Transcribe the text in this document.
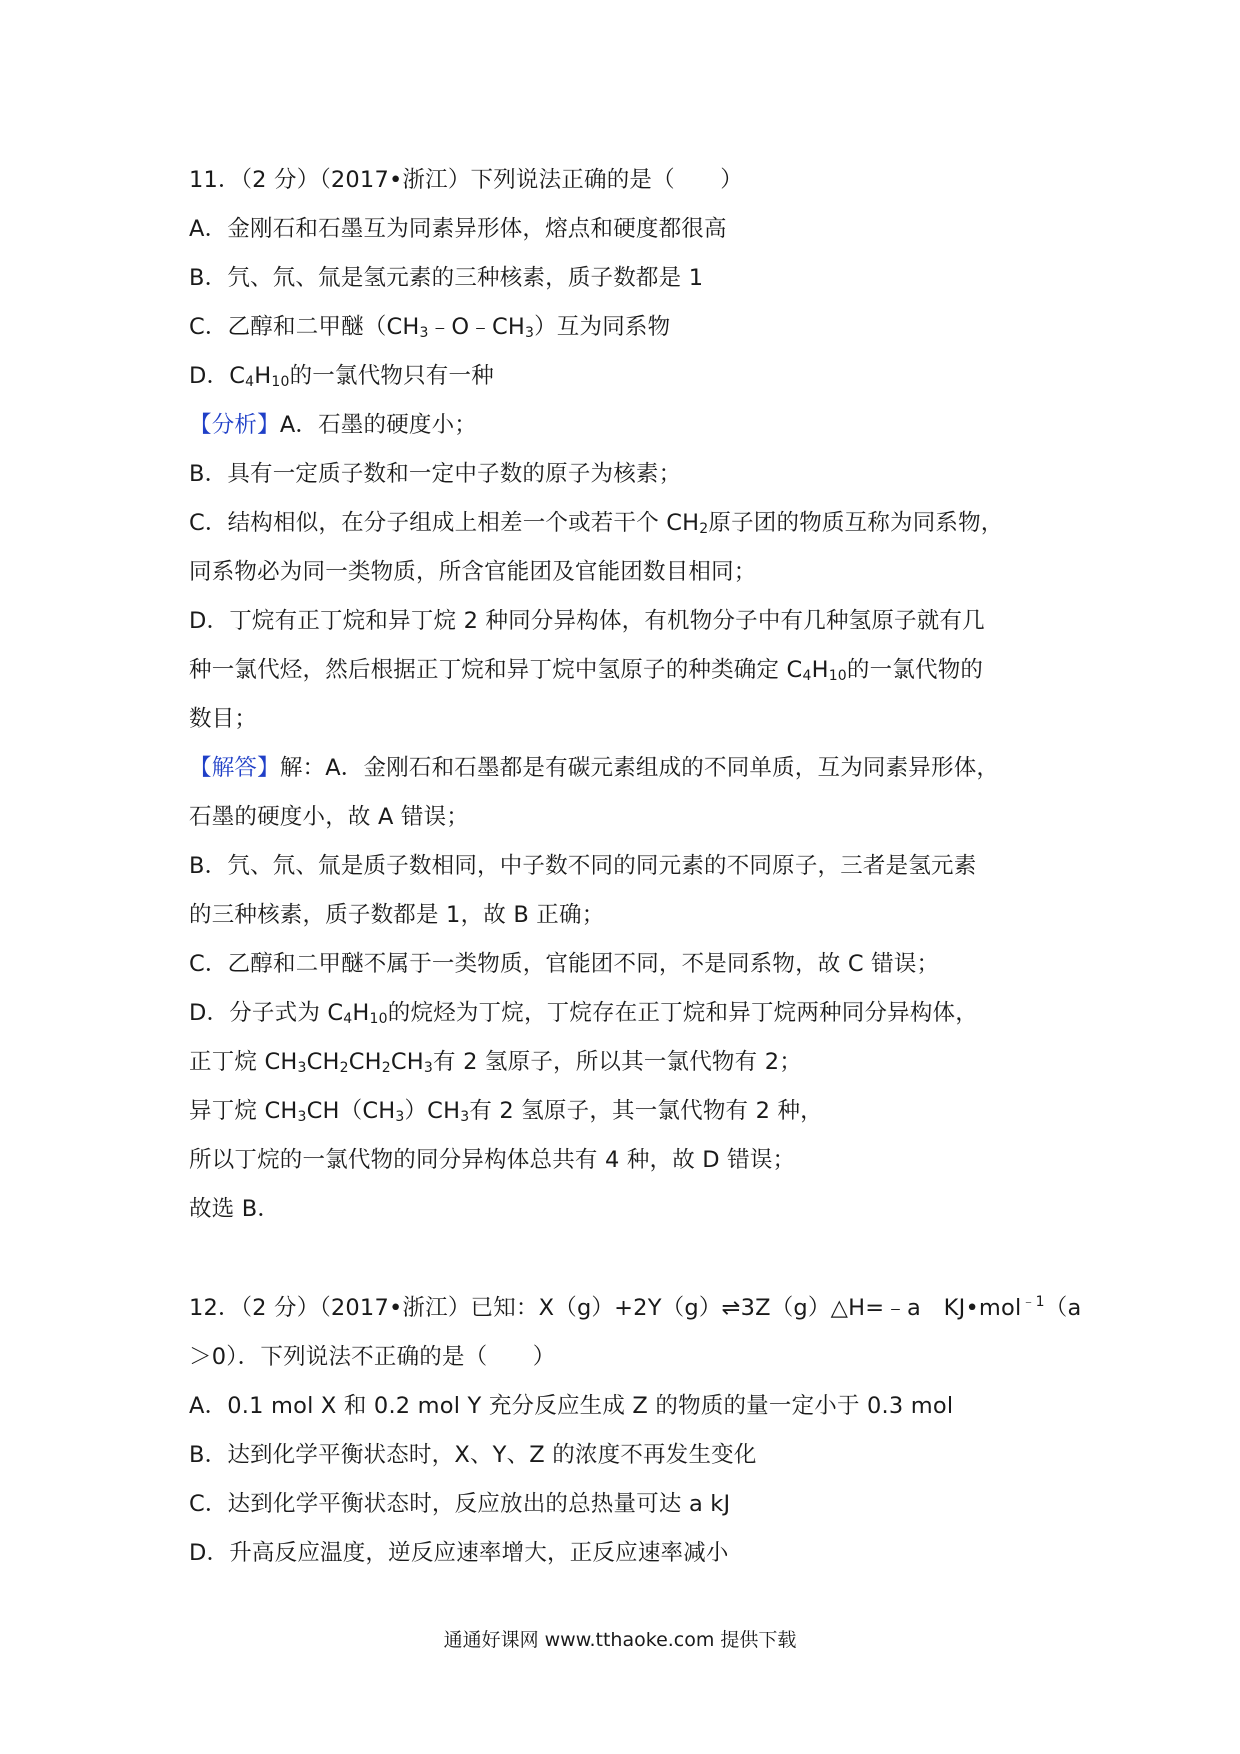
11．（2 分）（2017•浙江）下列说法正确的是（　　）
A．金刚石和石墨互为同素异形体，熔点和硬度都很高
B．氕、氘、氚是氢元素的三种核素，质子数都是 1
C．乙醇和二甲醚$(CH_3﹣O﹣CH_3)$互为同系物
D．$C_4H_{10}$的一氯代物只有一种
【分析】A．石墨的硬度小；
B．具有一定质子数和一定中子数的原子为核素；
C．结构相似，在分子组成上相差一个或若干个 $CH_2$原子团的物质互称为同系物，
同系物必为同一类物质，所含官能团及官能团数目相同；
D．丁烷有正丁烷和异丁烷 2 种同分异构体，有机物分子中有几种氢原子就有几
种一氯代烃，然后根据正丁烷和异丁烷中氢原子的种类确定 $C_4H_{10}$的一氯代物的
数目；
【解答】解：A．金刚石和石墨都是有碳元素组成的不同单质，互为同素异形体，
石墨的硬度小，故 A 错误；
B．氕、氘、氚是质子数相同，中子数不同的同元素的不同原子，三者是氢元素
的三种核素，质子数都是 1，故 B 正确；
C．乙醇和二甲醚不属于一类物质，官能团不同，不是同系物，故 C 错误；
D．分子式为 $C_4H_{10}$的烷烃为丁烷，丁烷存在正丁烷和异丁烷两种同分异构体，
正丁烷 $CH_3CH_2CH_2CH_3$有 2 氢原子，所以其一氯代物有 2；
异丁烷 $CH_3CH(CH_3)CH_3$有 2 氢原子，其一氯代物有 2 种，
所以丁烷的一氯代物的同分异构体总共有 4 种，故 D 错误；
故选 B．
12．（2 分）（2017•浙江）已知：X（g）+2Y（g）⇌3Z（g）△H=﹣a　KJ•mol$^{﹣1}$（a
＞0）．下列说法不正确的是（　　）
A．0.1 mol X 和 0.2 mol Y 充分反应生成 Z 的物质的量一定小于 0.3 mol
B．达到化学平衡状态时，X、Y、Z 的浓度不再发生变化
C．达到化学平衡状态时，反应放出的总热量可达 a kJ
D．升高反应温度，逆反应速率增大，正反应速率减小
通通好课网 www.tthaoke.com 提供下载
